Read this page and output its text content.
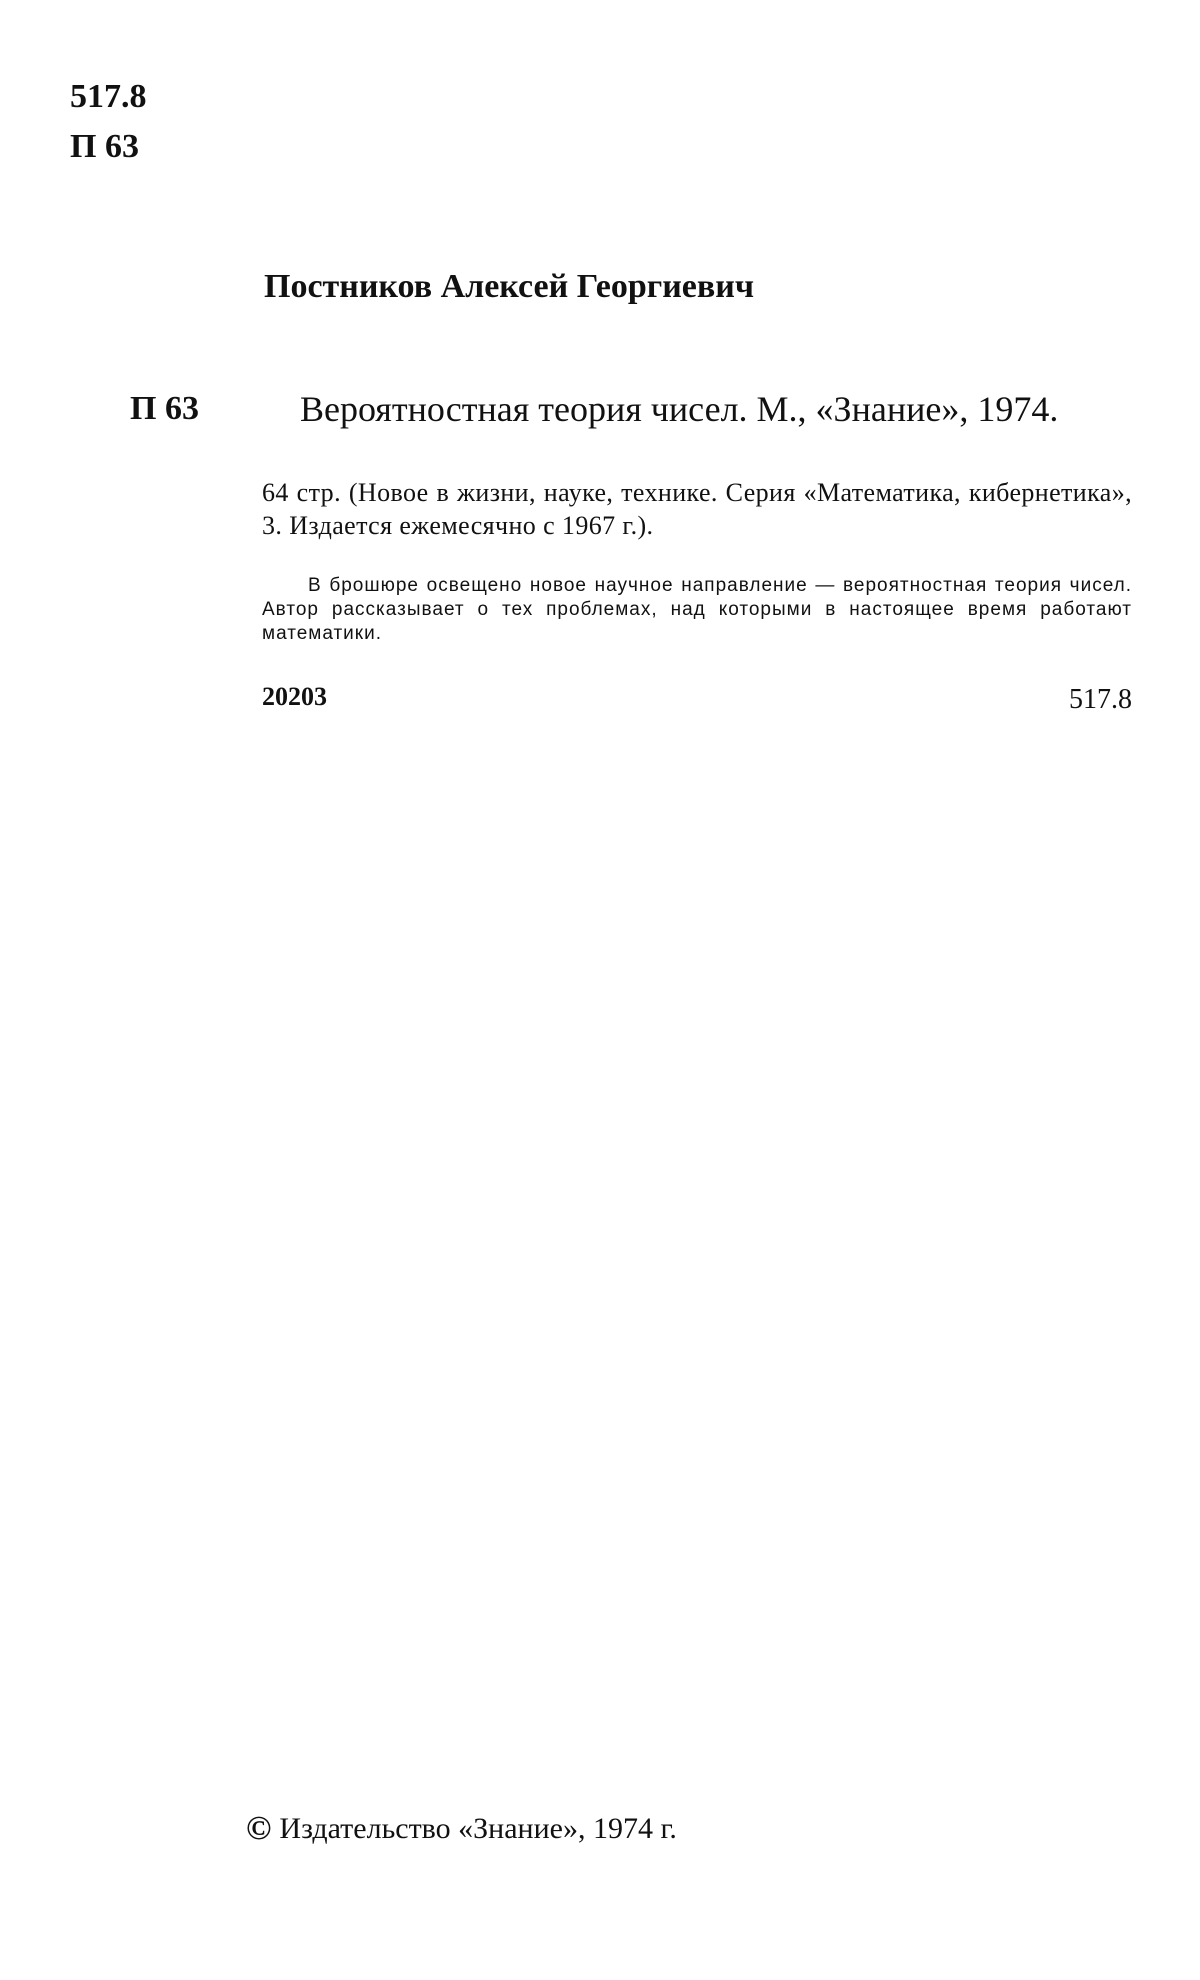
517.8
П 63
Постников Алексей Георгиевич
П 63	Вероятностная теория чисел. М., «Знание», 1974.
64 стр. (Новое в жизни, науке, технике. Серия «Математика, кибернетика», 3. Издается ежемесячно с 1967 г.).
В брошюре освещено новое научное направление — вероятностная теория чисел. Автор рассказывает о тех проблемах, над которыми в настоящее время работают математики.
20203	517.8
© Издательство «Знание», 1974 г.
